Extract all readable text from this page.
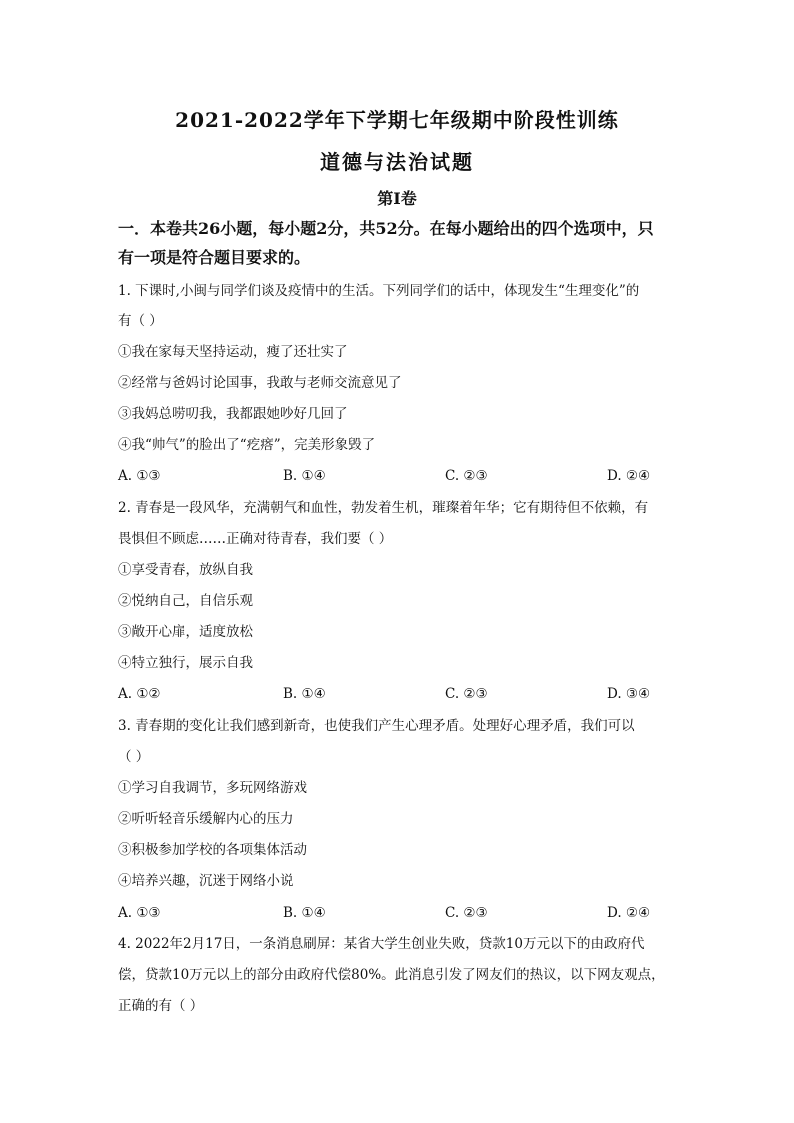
2021-2022学年下学期七年级期中阶段性训练
道德与法治试题
第Ⅰ卷
一．本卷共26小题，每小题2分，共52分。在每小题给出的四个选项中，只
有一项是符合题目要求的。
1. 下课时,小闽与同学们谈及疫情中的生活。下列同学们的话中，体现发生“生理变化”的
有（ ）
①我在家每天坚持运动，瘦了还壮实了
②经常与爸妈讨论国事，我敢与老师交流意见了
③我妈总唠叨我，我都跟她吵好几回了
④我“帅气”的脸出了“疙瘩”，完美形象毁了
A. ①③	B. ①④	C. ②③	D. ②④
2. 青春是一段风华，充满朝气和血性，勃发着生机，璀璨着年华；它有期待但不依赖，有
畏惧但不顾虑……正确对待青春，我们要（ ）
①享受青春，放纵自我
②悦纳自己，自信乐观
③敞开心扉，适度放松
④特立独行，展示自我
A. ①②	B. ①④	C. ②③	D. ③④
3. 青春期的变化让我们感到新奇，也使我们产生心理矛盾。处理好心理矛盾，我们可以
（ ）
①学习自我调节，多玩网络游戏
②听听轻音乐缓解内心的压力
③积极参加学校的各项集体活动
④培养兴趣，沉迷于网络小说
A. ①③	B. ①④	C. ②③	D. ②④
4. 2022年2月17日，一条消息刷屏：某省大学生创业失败，贷款10万元以下的由政府代
偿，贷款10万元以上的部分由政府代偿80%。此消息引发了网友们的热议，以下网友观点，
正确的有（ ）
